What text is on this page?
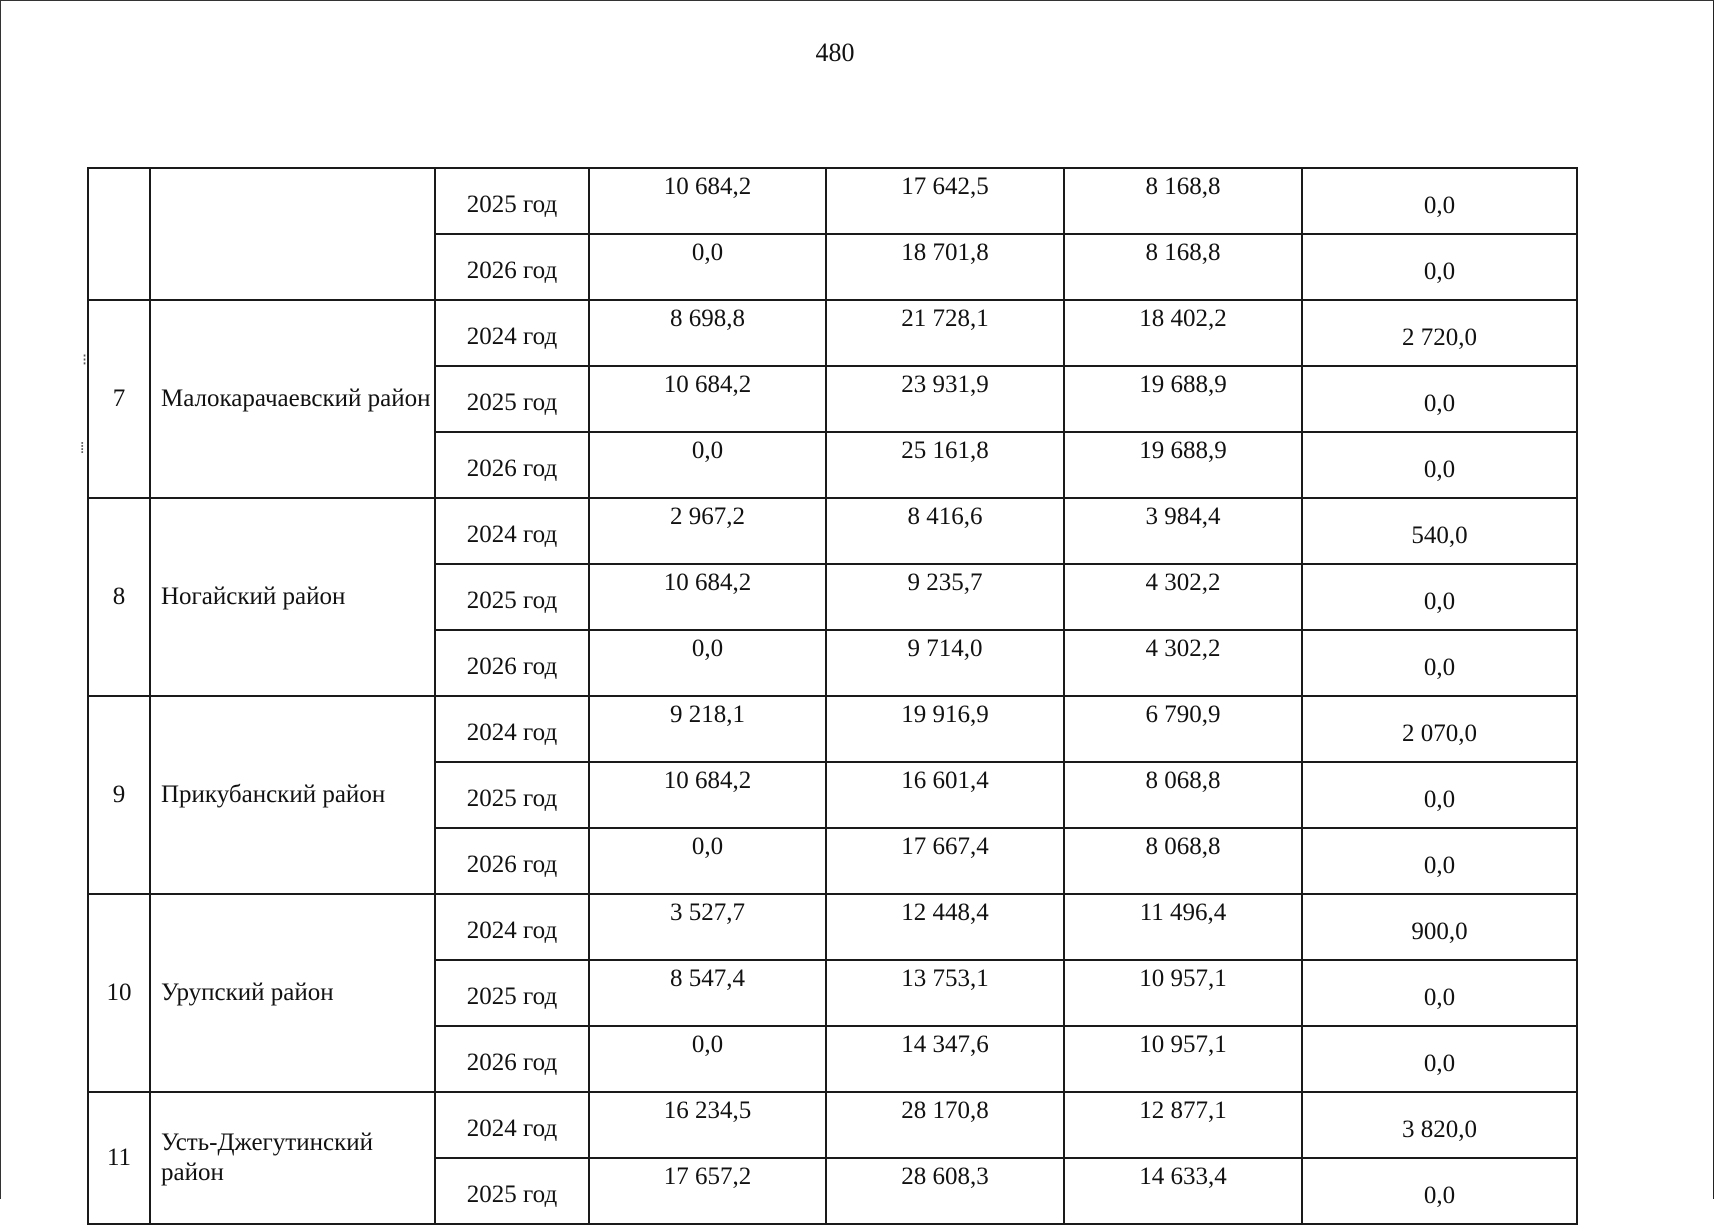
480
⁝
⁞
		2025 год	10 684,2	17 642,5	8 168,8	0,0
		2026 год	0,0	18 701,8	8 168,8	0,0
7	Малокарачаевский район	2024 год	8 698,8	21 728,1	18 402,2	2 720,0
		2025 год	10 684,2	23 931,9	19 688,9	0,0
		2026 год	0,0	25 161,8	19 688,9	0,0
8	Ногайский район	2024 год	2 967,2	8 416,6	3 984,4	540,0
		2025 год	10 684,2	9 235,7	4 302,2	0,0
		2026 год	0,0	9 714,0	4 302,2	0,0
9	Прикубанский район	2024 год	9 218,1	19 916,9	6 790,9	2 070,0
		2025 год	10 684,2	16 601,4	8 068,8	0,0
		2026 год	0,0	17 667,4	8 068,8	0,0
10	Урупский район	2024 год	3 527,7	12 448,4	11 496,4	900,0
		2025 год	8 547,4	13 753,1	10 957,1	0,0
		2026 год	0,0	14 347,6	10 957,1	0,0
11	Усть-Джегутинский район	2024 год	16 234,5	28 170,8	12 877,1	3 820,0
		2025 год	17 657,2	28 608,3	14 633,4	0,0
